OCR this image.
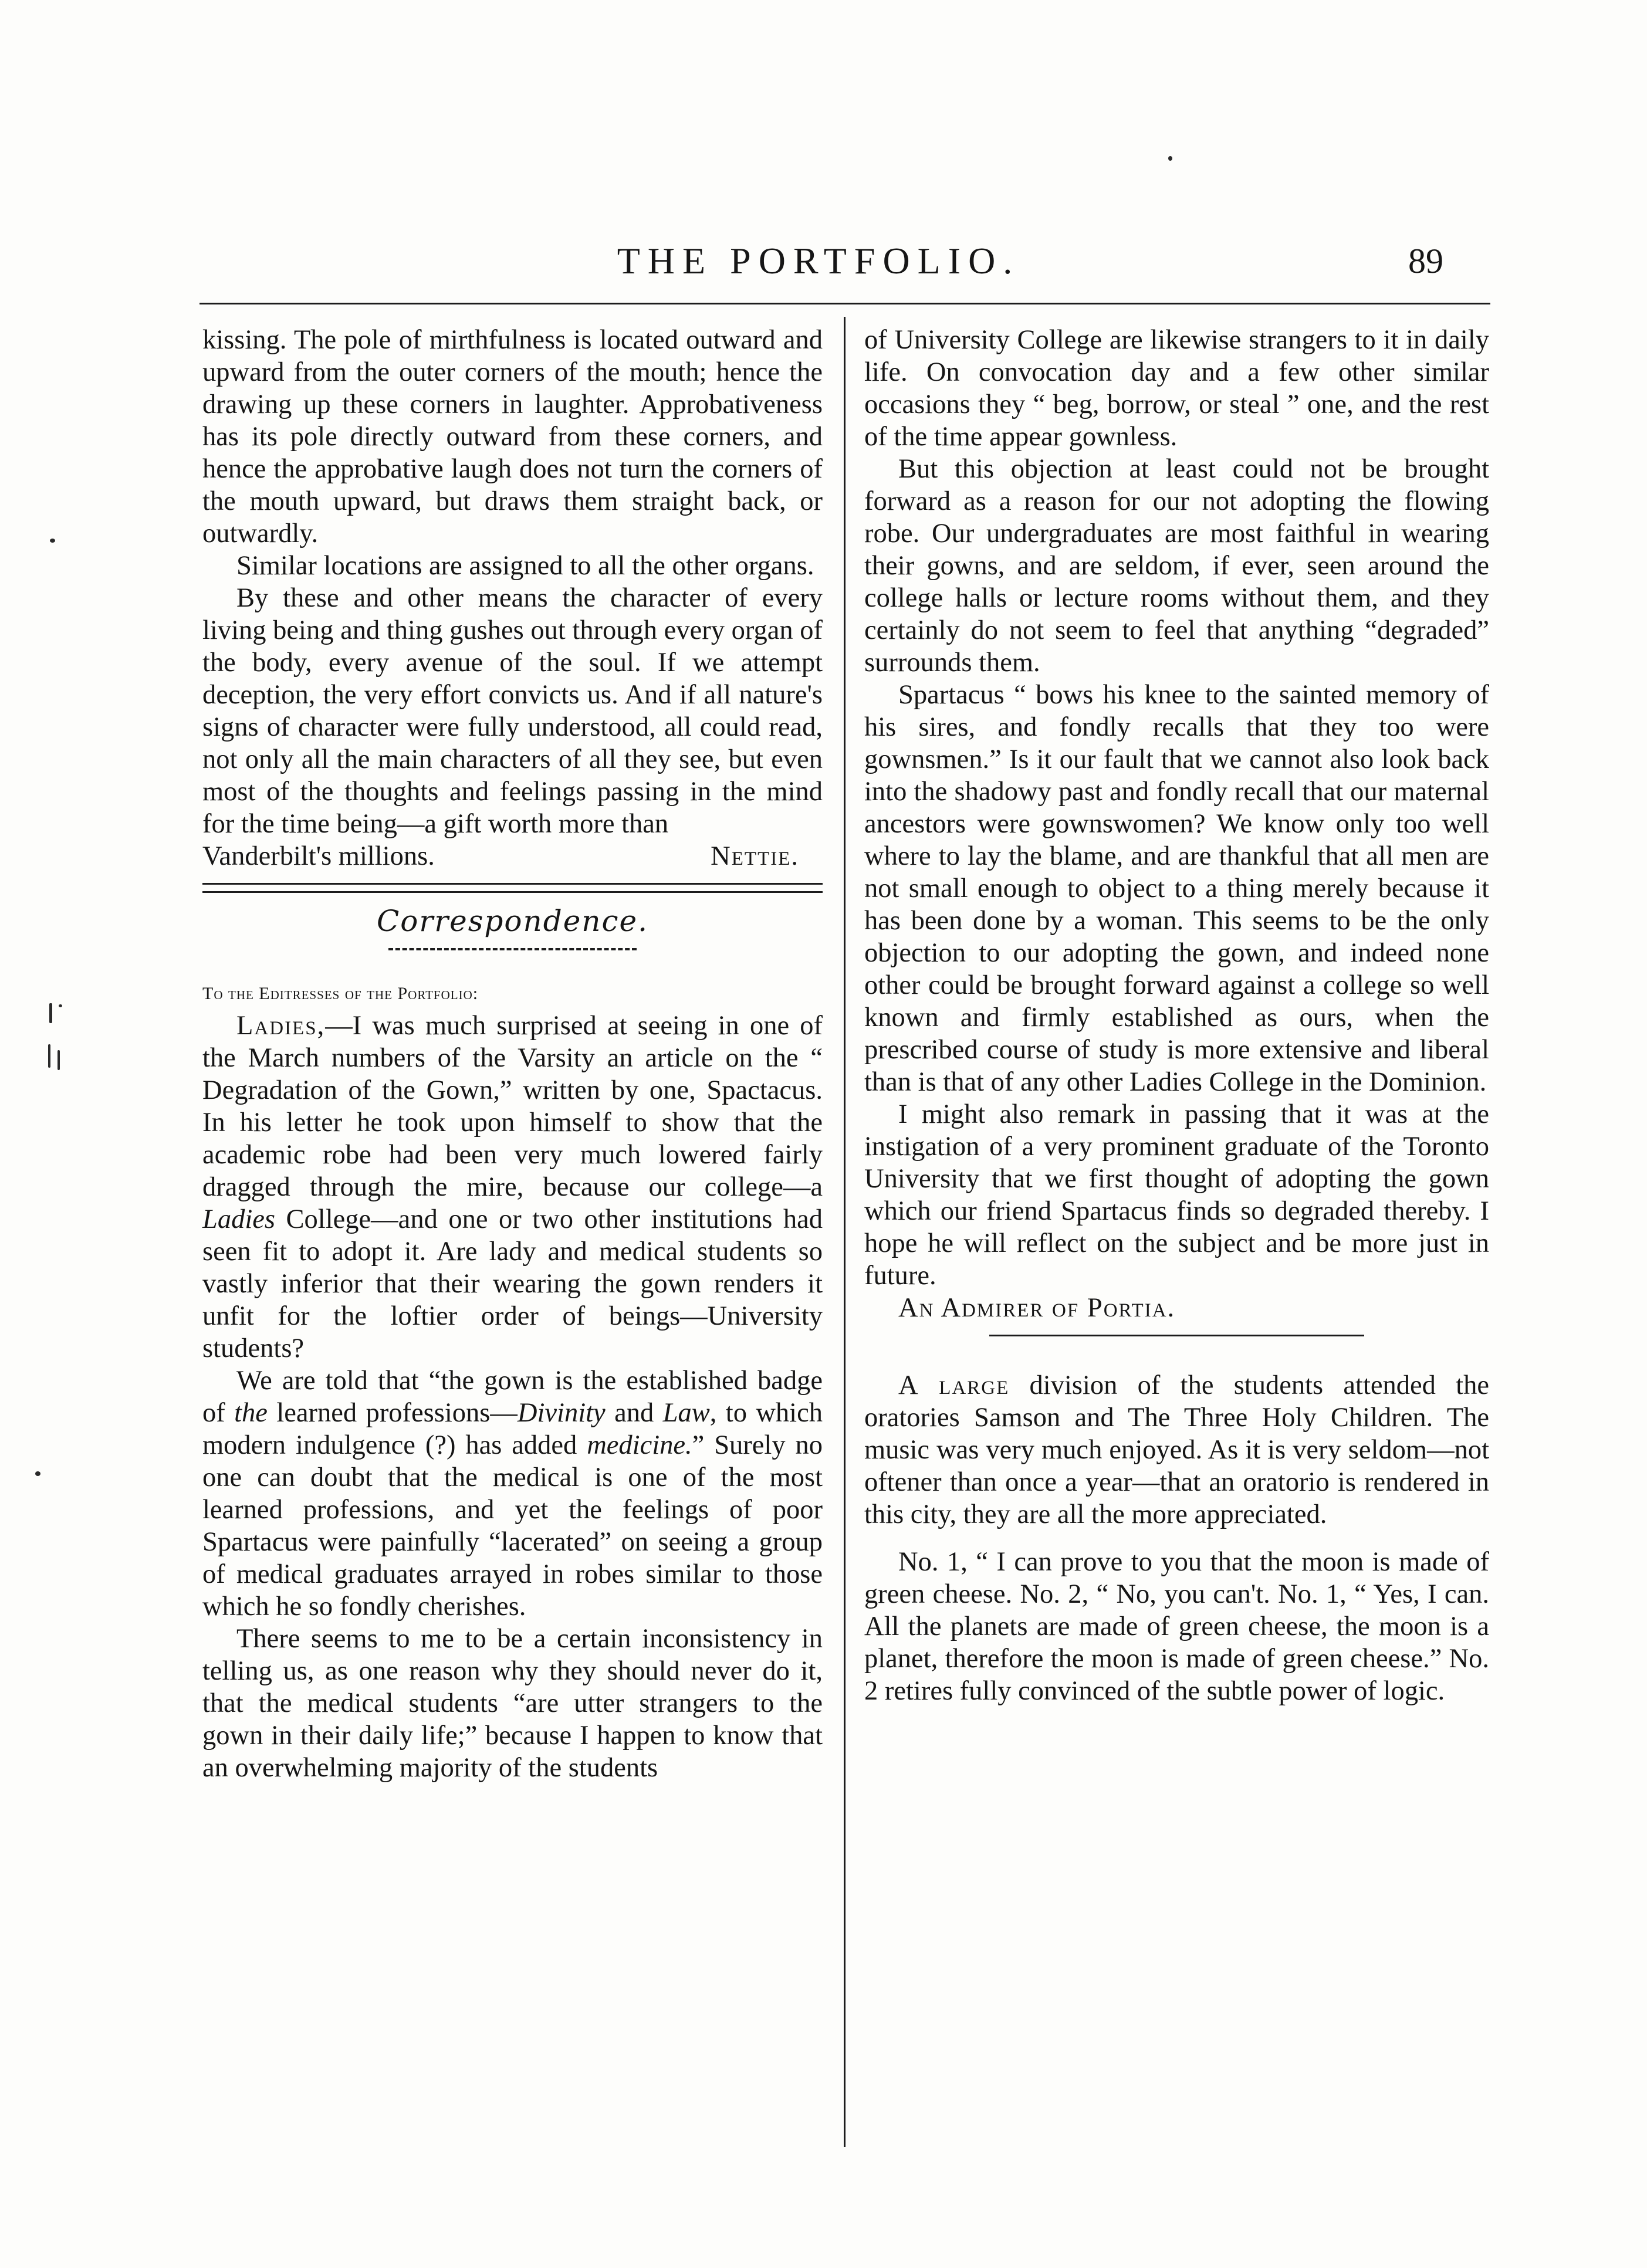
THE PORTFOLIO.	89

kissing. The pole of mirthfulness is located outward and upward from the outer corners of the mouth; hence the drawing up these corners in laughter. Approbativeness has its pole directly outward from these corners, and hence the approbative laugh does not turn the corners of the mouth upward, but draws them straight back, or outwardly.

Similar locations are assigned to all the other organs.

By these and other means the character of every living being and thing gushes out through every organ of the body, every avenue of the soul. If we attempt deception, the very effort convicts us. And if all nature's signs of character were fully understood, all could read, not only all the main characters of all they see, but even most of the thoughts and feelings passing in the mind for the time being—a gift worth more than

Vanderbilt's millions.	Nettie.
Correspondence.

To the Editresses of the Portfolio:

Ladies,—I was much surprised at seeing in one of the March numbers of the Varsity an article on the “ Degradation of the Gown,” written by one, Spactacus. In his letter he took upon himself to show that the academic robe had been very much lowered fairly dragged through the mire, because our college—a Ladies College—and one or two other institutions had seen fit to adopt it. Are lady and medical students so vastly inferior that their wearing the gown renders it unfit for the loftier order of beings—University students?

We are told that “the gown is the established badge of the learned professions—Divinity and Law, to which modern indulgence (?) has added medicine.” Surely no one can doubt that the medical is one of the most learned professions, and yet the feelings of poor Spartacus were painfully “lacerated” on seeing a group of medical graduates arrayed in robes similar to those which he so fondly cherishes.

There seems to me to be a certain inconsistency in telling us, as one reason why they should never do it, that the medical students “are utter strangers to the gown in their daily life;” because I happen to know that an overwhelming majority of the students

of University College are likewise strangers to it in daily life. On convocation day and a few other similar occasions they “ beg, borrow, or steal ” one, and the rest of the time appear gownless.

But this objection at least could not be brought forward as a reason for our not adopting the flowing robe. Our undergraduates are most faithful in wearing their gowns, and are seldom, if ever, seen around the college halls or lecture rooms without them, and they certainly do not seem to feel that anything “degraded” surrounds them.

Spartacus “ bows his knee to the sainted memory of his sires, and fondly recalls that they too were gownsmen.” Is it our fault that we cannot also look back into the shadowy past and fondly recall that our maternal ancestors were gownswomen? We know only too well where to lay the blame, and are thankful that all men are not small enough to object to a thing merely because it has been done by a woman. This seems to be the only objection to our adopting the gown, and indeed none other could be brought forward against a college so well known and firmly established as ours, when the prescribed course of study is more extensive and liberal than is that of any other Ladies College in the Dominion.

I might also remark in passing that it was at the instigation of a very prominent graduate of the Toronto University that we first thought of adopting the gown which our friend Spartacus finds so degraded thereby. I hope he will reflect on the subject and be more just in future.

An Admirer of Portia.

A large division of the students attended the oratories Samson and The Three Holy Children. The music was very much enjoyed. As it is very seldom—not oftener than once a year—that an oratorio is rendered in this city, they are all the more appreciated.

No. 1, “ I can prove to you that the moon is made of green cheese. No. 2, “ No, you can't. No. 1, “ Yes, I can. All the planets are made of green cheese, the moon is a planet, therefore the moon is made of green cheese.” No. 2 retires fully convinced of the subtle power of logic.
